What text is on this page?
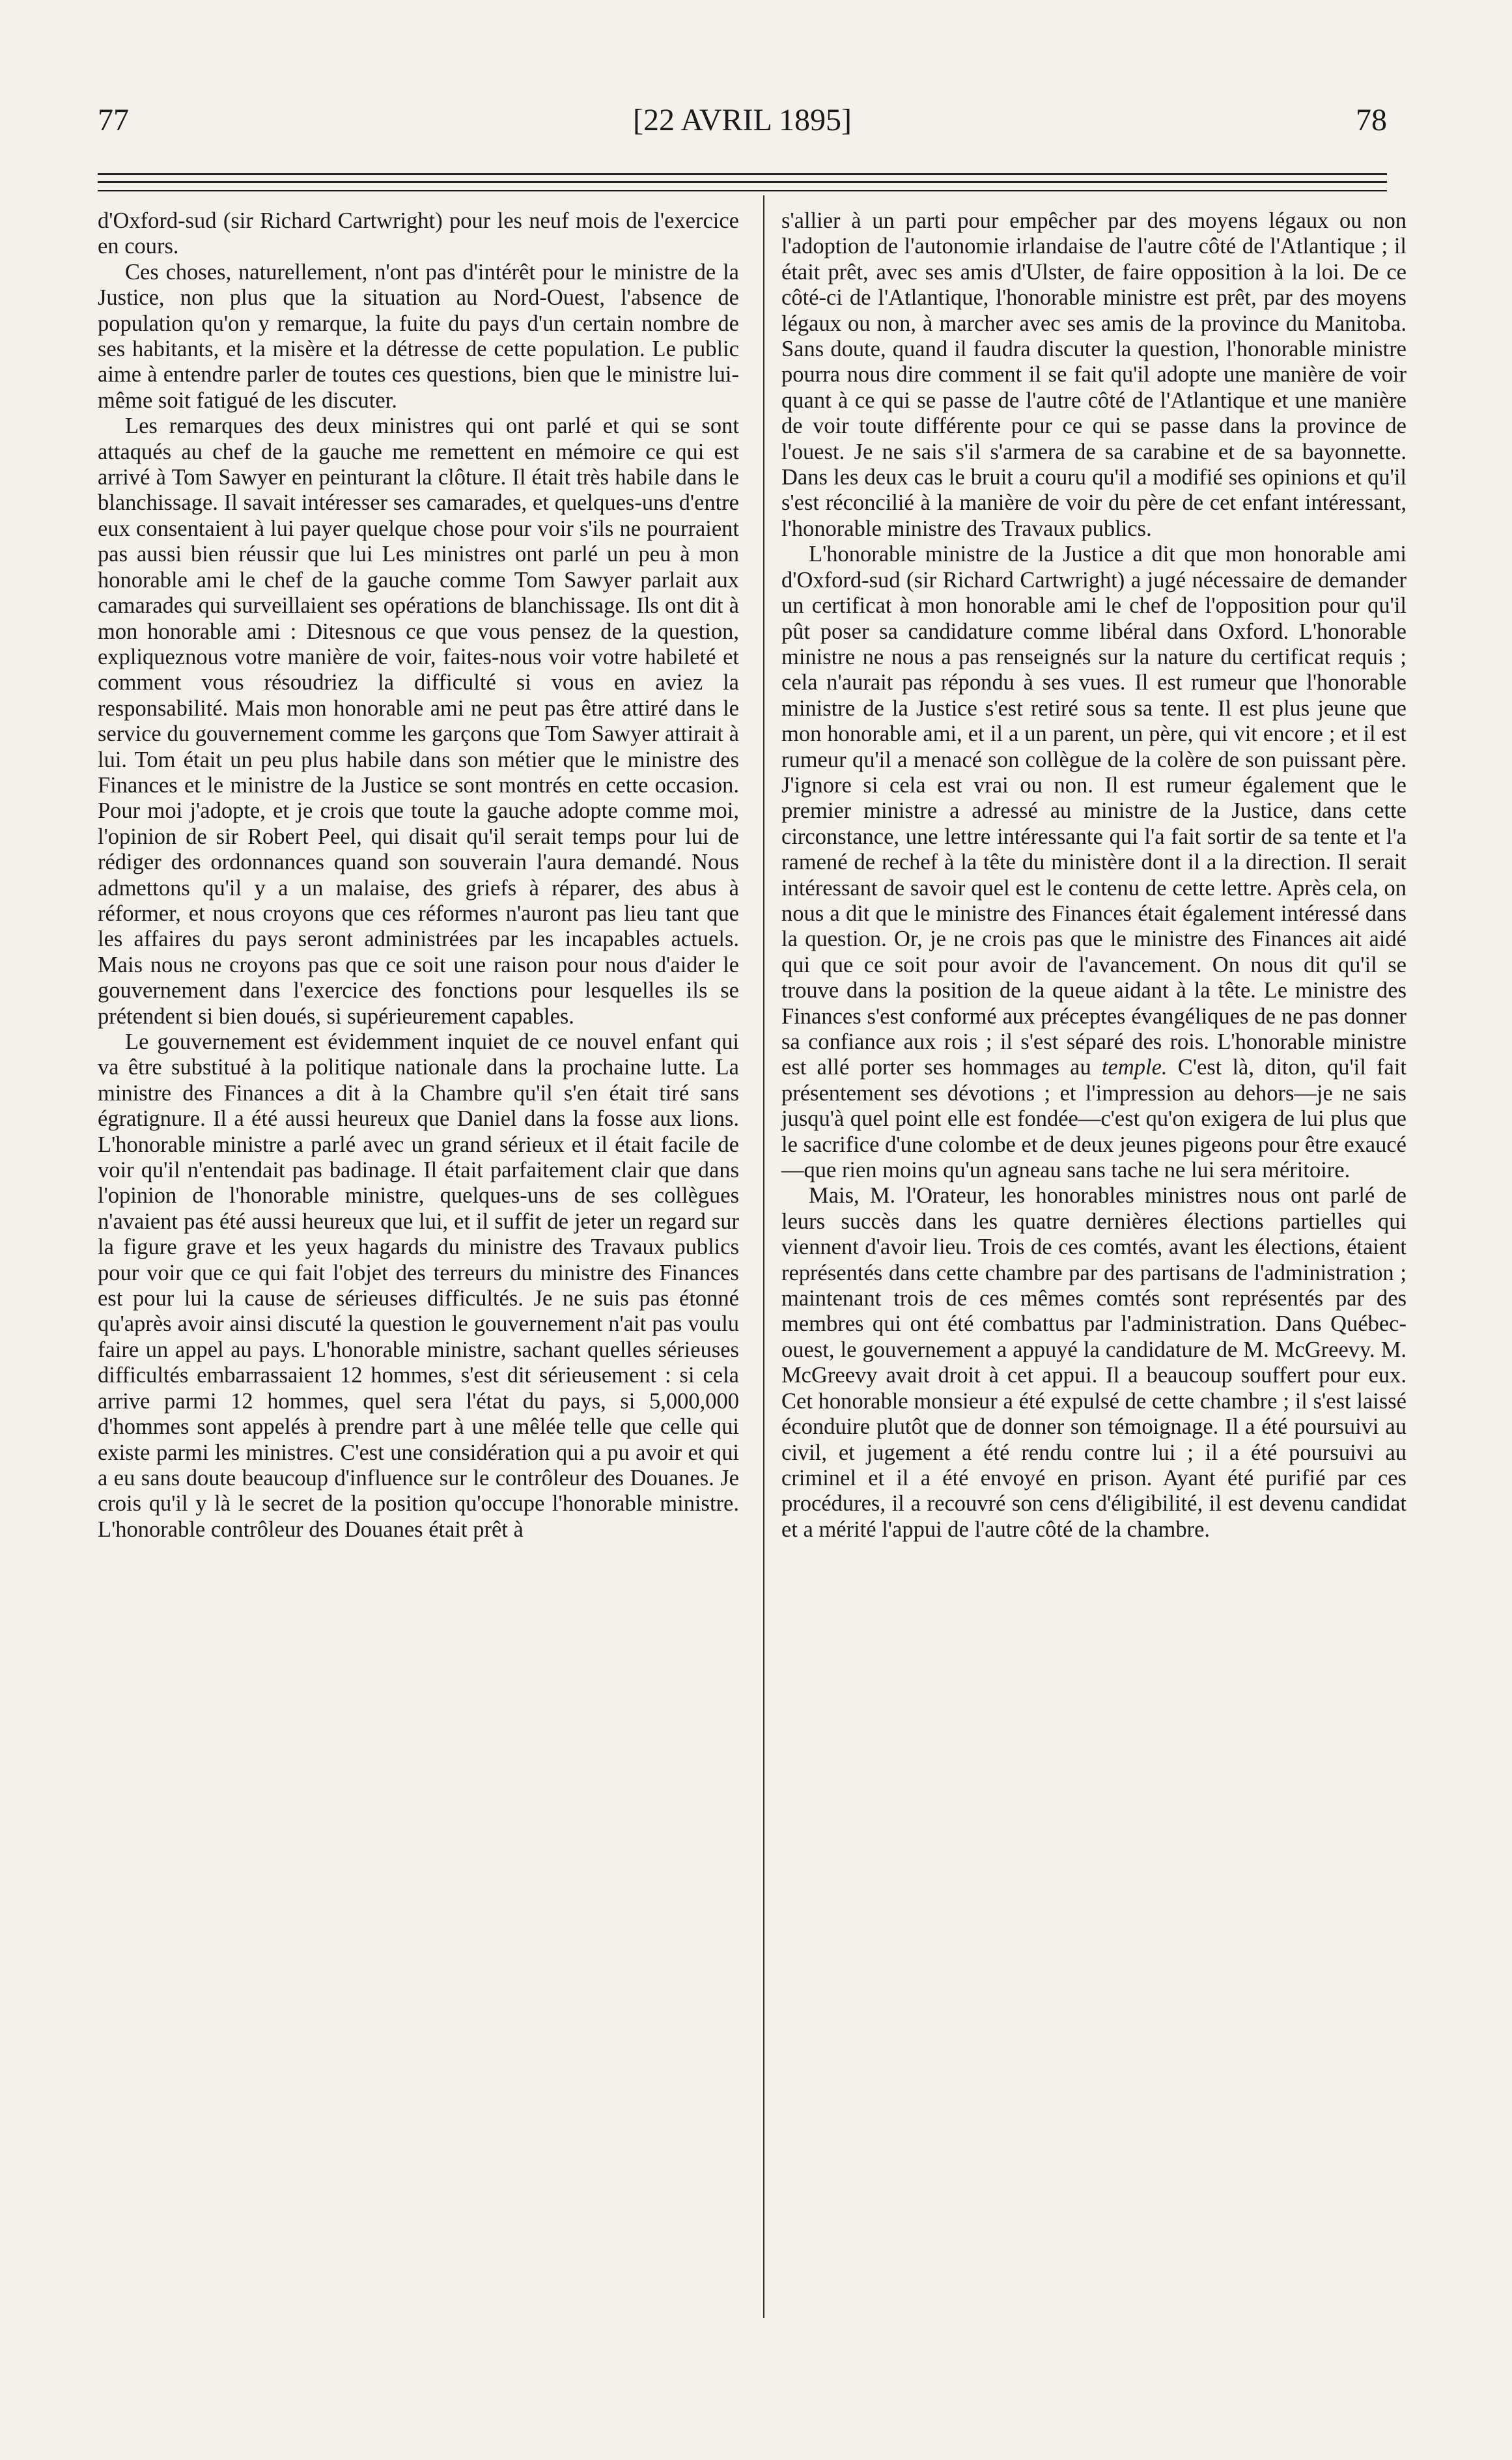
77	[22 AVRIL 1895]	78

d'Oxford-sud (sir Richard Cartwright) pour les neuf mois de l'exercice en cours.

Ces choses, naturellement, n'ont pas d'intérêt pour le ministre de la Justice, non plus que la situation au Nord-Ouest, l'absence de population qu'on y remarque, la fuite du pays d'un certain nombre de ses habitants, et la misère et la détresse de cette population. Le public aime à entendre parler de toutes ces questions, bien que le ministre lui-même soit fatigué de les discuter.

Les remarques des deux ministres qui ont parlé et qui se sont attaqués au chef de la gauche me remettent en mémoire ce qui est arrivé à Tom Sawyer en peinturant la clôture. Il était très habile dans le blanchissage. Il savait intéresser ses camarades, et quelques-uns d'entre eux consentaient à lui payer quelque chose pour voir s'ils ne pourraient pas aussi bien réussir que lui Les ministres ont parlé un peu à mon honorable ami le chef de la gauche comme Tom Sawyer parlait aux camarades qui surveillaient ses opérations de blanchissage. Ils ont dit à mon honorable ami : Ditesnous ce que vous pensez de la question, expliqueznous votre manière de voir, faites-nous voir votre habileté et comment vous résoudriez la difficulté si vous en aviez la responsabilité. Mais mon honorable ami ne peut pas être attiré dans le service du gouvernement comme les garçons que Tom Sawyer attirait à lui. Tom était un peu plus habile dans son métier que le ministre des Finances et le ministre de la Justice se sont montrés en cette occasion. Pour moi j'adopte, et je crois que toute la gauche adopte comme moi, l'opinion de sir Robert Peel, qui disait qu'il serait temps pour lui de rédiger des ordonnances quand son souverain l'aura demandé. Nous admettons qu'il y a un malaise, des griefs à réparer, des abus à réformer, et nous croyons que ces réformes n'auront pas lieu tant que les affaires du pays seront administrées par les incapables actuels. Mais nous ne croyons pas que ce soit une raison pour nous d'aider le gouvernement dans l'exercice des fonctions pour lesquelles ils se prétendent si bien doués, si supérieurement capables.

Le gouvernement est évidemment inquiet de ce nouvel enfant qui va être substitué à la politique nationale dans la prochaine lutte. La ministre des Finances a dit à la Chambre qu'il s'en était tiré sans égratignure. Il a été aussi heureux que Daniel dans la fosse aux lions. L'honorable ministre a parlé avec un grand sérieux et il était facile de voir qu'il n'entendait pas badinage. Il était parfaitement clair que dans l'opinion de l'honorable ministre, quelques-uns de ses collègues n'avaient pas été aussi heureux que lui, et il suffit de jeter un regard sur la figure grave et les yeux hagards du ministre des Travaux publics pour voir que ce qui fait l'objet des terreurs du ministre des Finances est pour lui la cause de sérieuses difficultés. Je ne suis pas étonné qu'après avoir ainsi discuté la question le gouvernement n'ait pas voulu faire un appel au pays. L'honorable ministre, sachant quelles sérieuses difficultés embarrassaient 12 hommes, s'est dit sérieusement : si cela arrive parmi 12 hommes, quel sera l'état du pays, si 5,000,000 d'hommes sont appelés à prendre part à une mêlée telle que celle qui existe parmi les ministres. C'est une considération qui a pu avoir et qui a eu sans doute beaucoup d'influence sur le contrôleur des Douanes. Je crois qu'il y là le secret de la position qu'occupe l'honorable ministre. L'honorable contrôleur des Douanes était prêt à

s'allier à un parti pour empêcher par des moyens légaux ou non l'adoption de l'autonomie irlandaise de l'autre côté de l'Atlantique ; il était prêt, avec ses amis d'Ulster, de faire opposition à la loi. De ce côté-ci de l'Atlantique, l'honorable ministre est prêt, par des moyens légaux ou non, à marcher avec ses amis de la province du Manitoba. Sans doute, quand il faudra discuter la question, l'honorable ministre pourra nous dire comment il se fait qu'il adopte une manière de voir quant à ce qui se passe de l'autre côté de l'Atlantique et une manière de voir toute différente pour ce qui se passe dans la province de l'ouest. Je ne sais s'il s'armera de sa carabine et de sa bayonnette. Dans les deux cas le bruit a couru qu'il a modifié ses opinions et qu'il s'est réconcilié à la manière de voir du père de cet enfant intéressant, l'honorable ministre des Travaux publics.

L'honorable ministre de la Justice a dit que mon honorable ami d'Oxford-sud (sir Richard Cartwright) a jugé nécessaire de demander un certificat à mon honorable ami le chef de l'opposition pour qu'il pût poser sa candidature comme libéral dans Oxford. L'honorable ministre ne nous a pas renseignés sur la nature du certificat requis ; cela n'aurait pas répondu à ses vues. Il est rumeur que l'honorable ministre de la Justice s'est retiré sous sa tente. Il est plus jeune que mon honorable ami, et il a un parent, un père, qui vit encore ; et il est rumeur qu'il a menacé son collègue de la colère de son puissant père. J'ignore si cela est vrai ou non. Il est rumeur également que le premier ministre a adressé au ministre de la Justice, dans cette circonstance, une lettre intéressante qui l'a fait sortir de sa tente et l'a ramené de rechef à la tête du ministère dont il a la direction. Il serait intéressant de savoir quel est le contenu de cette lettre. Après cela, on nous a dit que le ministre des Finances était également intéressé dans la question. Or, je ne crois pas que le ministre des Finances ait aidé qui que ce soit pour avoir de l'avancement. On nous dit qu'il se trouve dans la position de la queue aidant à la tête. Le ministre des Finances s'est conformé aux préceptes évangéliques de ne pas donner sa confiance aux rois ; il s'est séparé des rois. L'honorable ministre est allé porter ses hommages au temple. C'est là, diton, qu'il fait présentement ses dévotions ; et l'impression au dehors—je ne sais jusqu'à quel point elle est fondée—c'est qu'on exigera de lui plus que le sacrifice d'une colombe et de deux jeunes pigeons pour être exaucé—que rien moins qu'un agneau sans tache ne lui sera méritoire.

Mais, M. l'Orateur, les honorables ministres nous ont parlé de leurs succès dans les quatre dernières élections partielles qui viennent d'avoir lieu. Trois de ces comtés, avant les élections, étaient représentés dans cette chambre par des partisans de l'administration ; maintenant trois de ces mêmes comtés sont représentés par des membres qui ont été combattus par l'administration. Dans Québec-ouest, le gouvernement a appuyé la candidature de M. McGreevy. M. McGreevy avait droit à cet appui. Il a beaucoup souffert pour eux. Cet honorable monsieur a été expulsé de cette chambre ; il s'est laissé éconduire plutôt que de donner son témoignage. Il a été poursuivi au civil, et jugement a été rendu contre lui ; il a été poursuivi au criminel et il a été envoyé en prison. Ayant été purifié par ces procédures, il a recouvré son cens d'éligibilité, il est devenu candidat et a mérité l'appui de l'autre côté de la chambre.
